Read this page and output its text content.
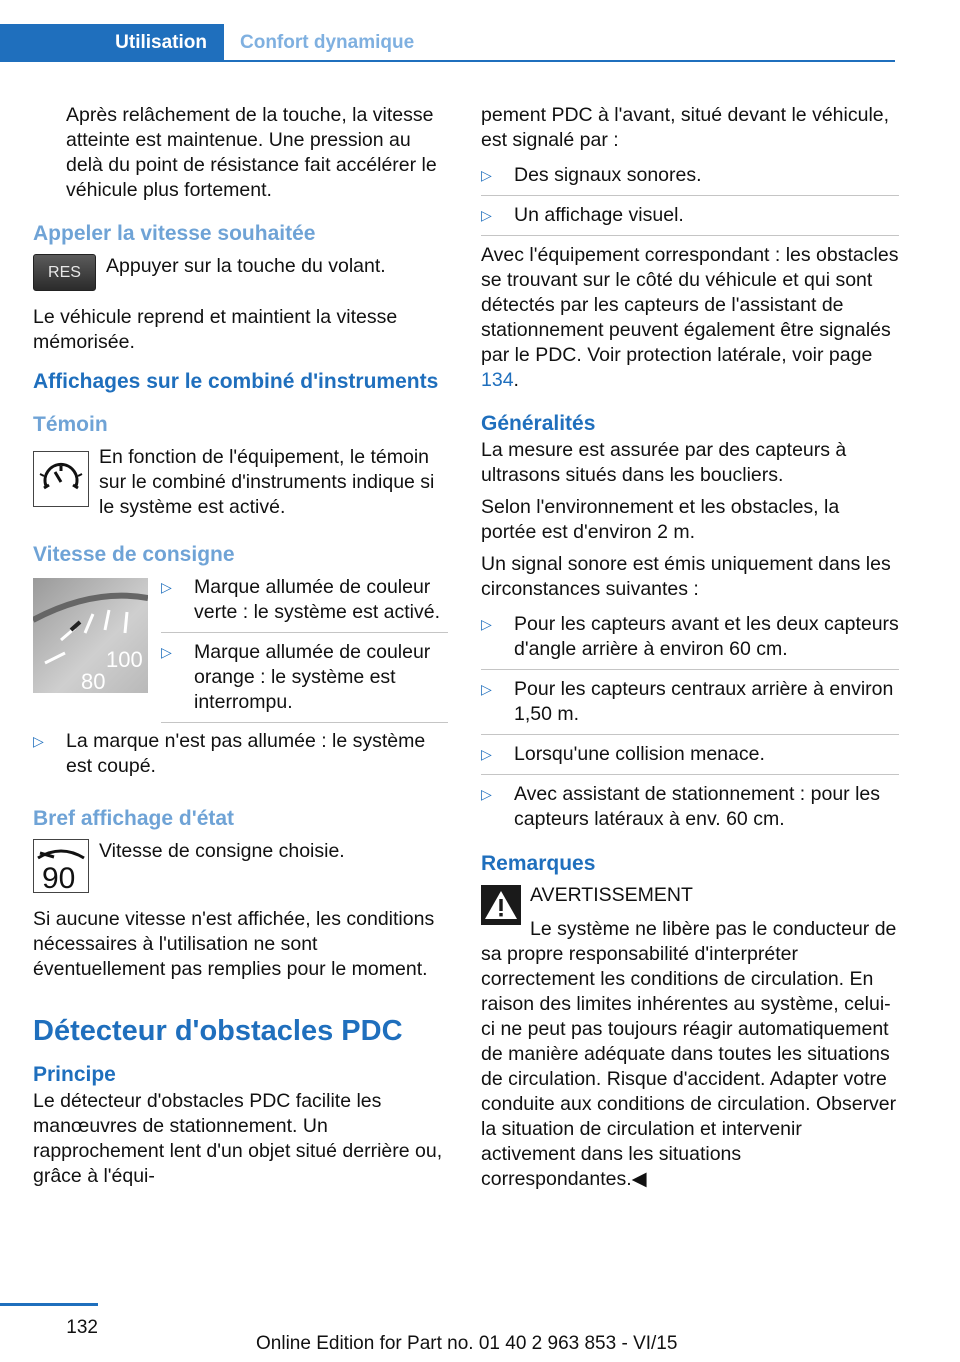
Utilisation	Confort dynamique

Après relâchement de la touche, la vitesse atteinte est maintenue. Une pression au delà du point de résistance fait accélérer le véhicule plus fortement.

Appeler la vitesse souhaitée
RES	Appuyer sur la touche du volant.

Le véhicule reprend et maintient la vitesse mémorisée.

Affichages sur le combiné d'instruments
Témoin
En fonction de l'équipement, le témoin sur le combiné d'instruments indique si le système est activé.
Vitesse de consigne
100
80
▷ Marque allumée de couleur verte : le système est activé.
▷ Marque allumée de couleur orange : le système est interrompu.
▷ La marque n'est pas allumée : le système est coupé.
Bref affichage d'état
90
Vitesse de consigne choisie.

Si aucune vitesse n'est affichée, les conditions nécessaires à l'utilisation ne sont éventuellement pas remplies pour le moment.

Détecteur d'obstacles PDC
Principe

Le détecteur d'obstacles PDC facilite les manœuvres de stationnement. Un rapprochement lent d'un objet situé derrière ou, grâce à l'équi-

pement PDC à l'avant, situé devant le véhicule, est signalé par :

▷ Des signaux sonores.
▷ Un affichage visuel.

Avec l'équipement correspondant : les obstacles se trouvant sur le côté du véhicule et qui sont détectés par les capteurs de l'assistant de stationnement peuvent également être signalés par le PDC. Voir protection latérale, voir page 134.

Généralités

La mesure est assurée par des capteurs à ultrasons situés dans les boucliers.

Selon l'environnement et les obstacles, la portée est d'environ 2 m.

Un signal sonore est émis uniquement dans les circonstances suivantes :

▷ Pour les capteurs avant et les deux capteurs d'angle arrière à environ 60 cm.
▷ Pour les capteurs centraux arrière à environ 1,50 m.
▷ Lorsqu'une collision menace.
▷ Avec assistant de stationnement : pour les capteurs latéraux à env. 60 cm.
Remarques
AVERTISSEMENT

Le système ne libère pas le conducteur de sa propre responsabilité d'interpréter correctement les conditions de circulation. En raison des limites inhérentes au système, celui-ci ne peut pas toujours réagir automatiquement de manière adéquate dans toutes les situations de circulation. Risque d'accident. Adapter votre conduite aux conditions de circulation. Observer la situation de circulation et intervenir activement dans les situations correspondantes.◀

132
Online Edition for Part no. 01 40 2 963 853 - VI/15
